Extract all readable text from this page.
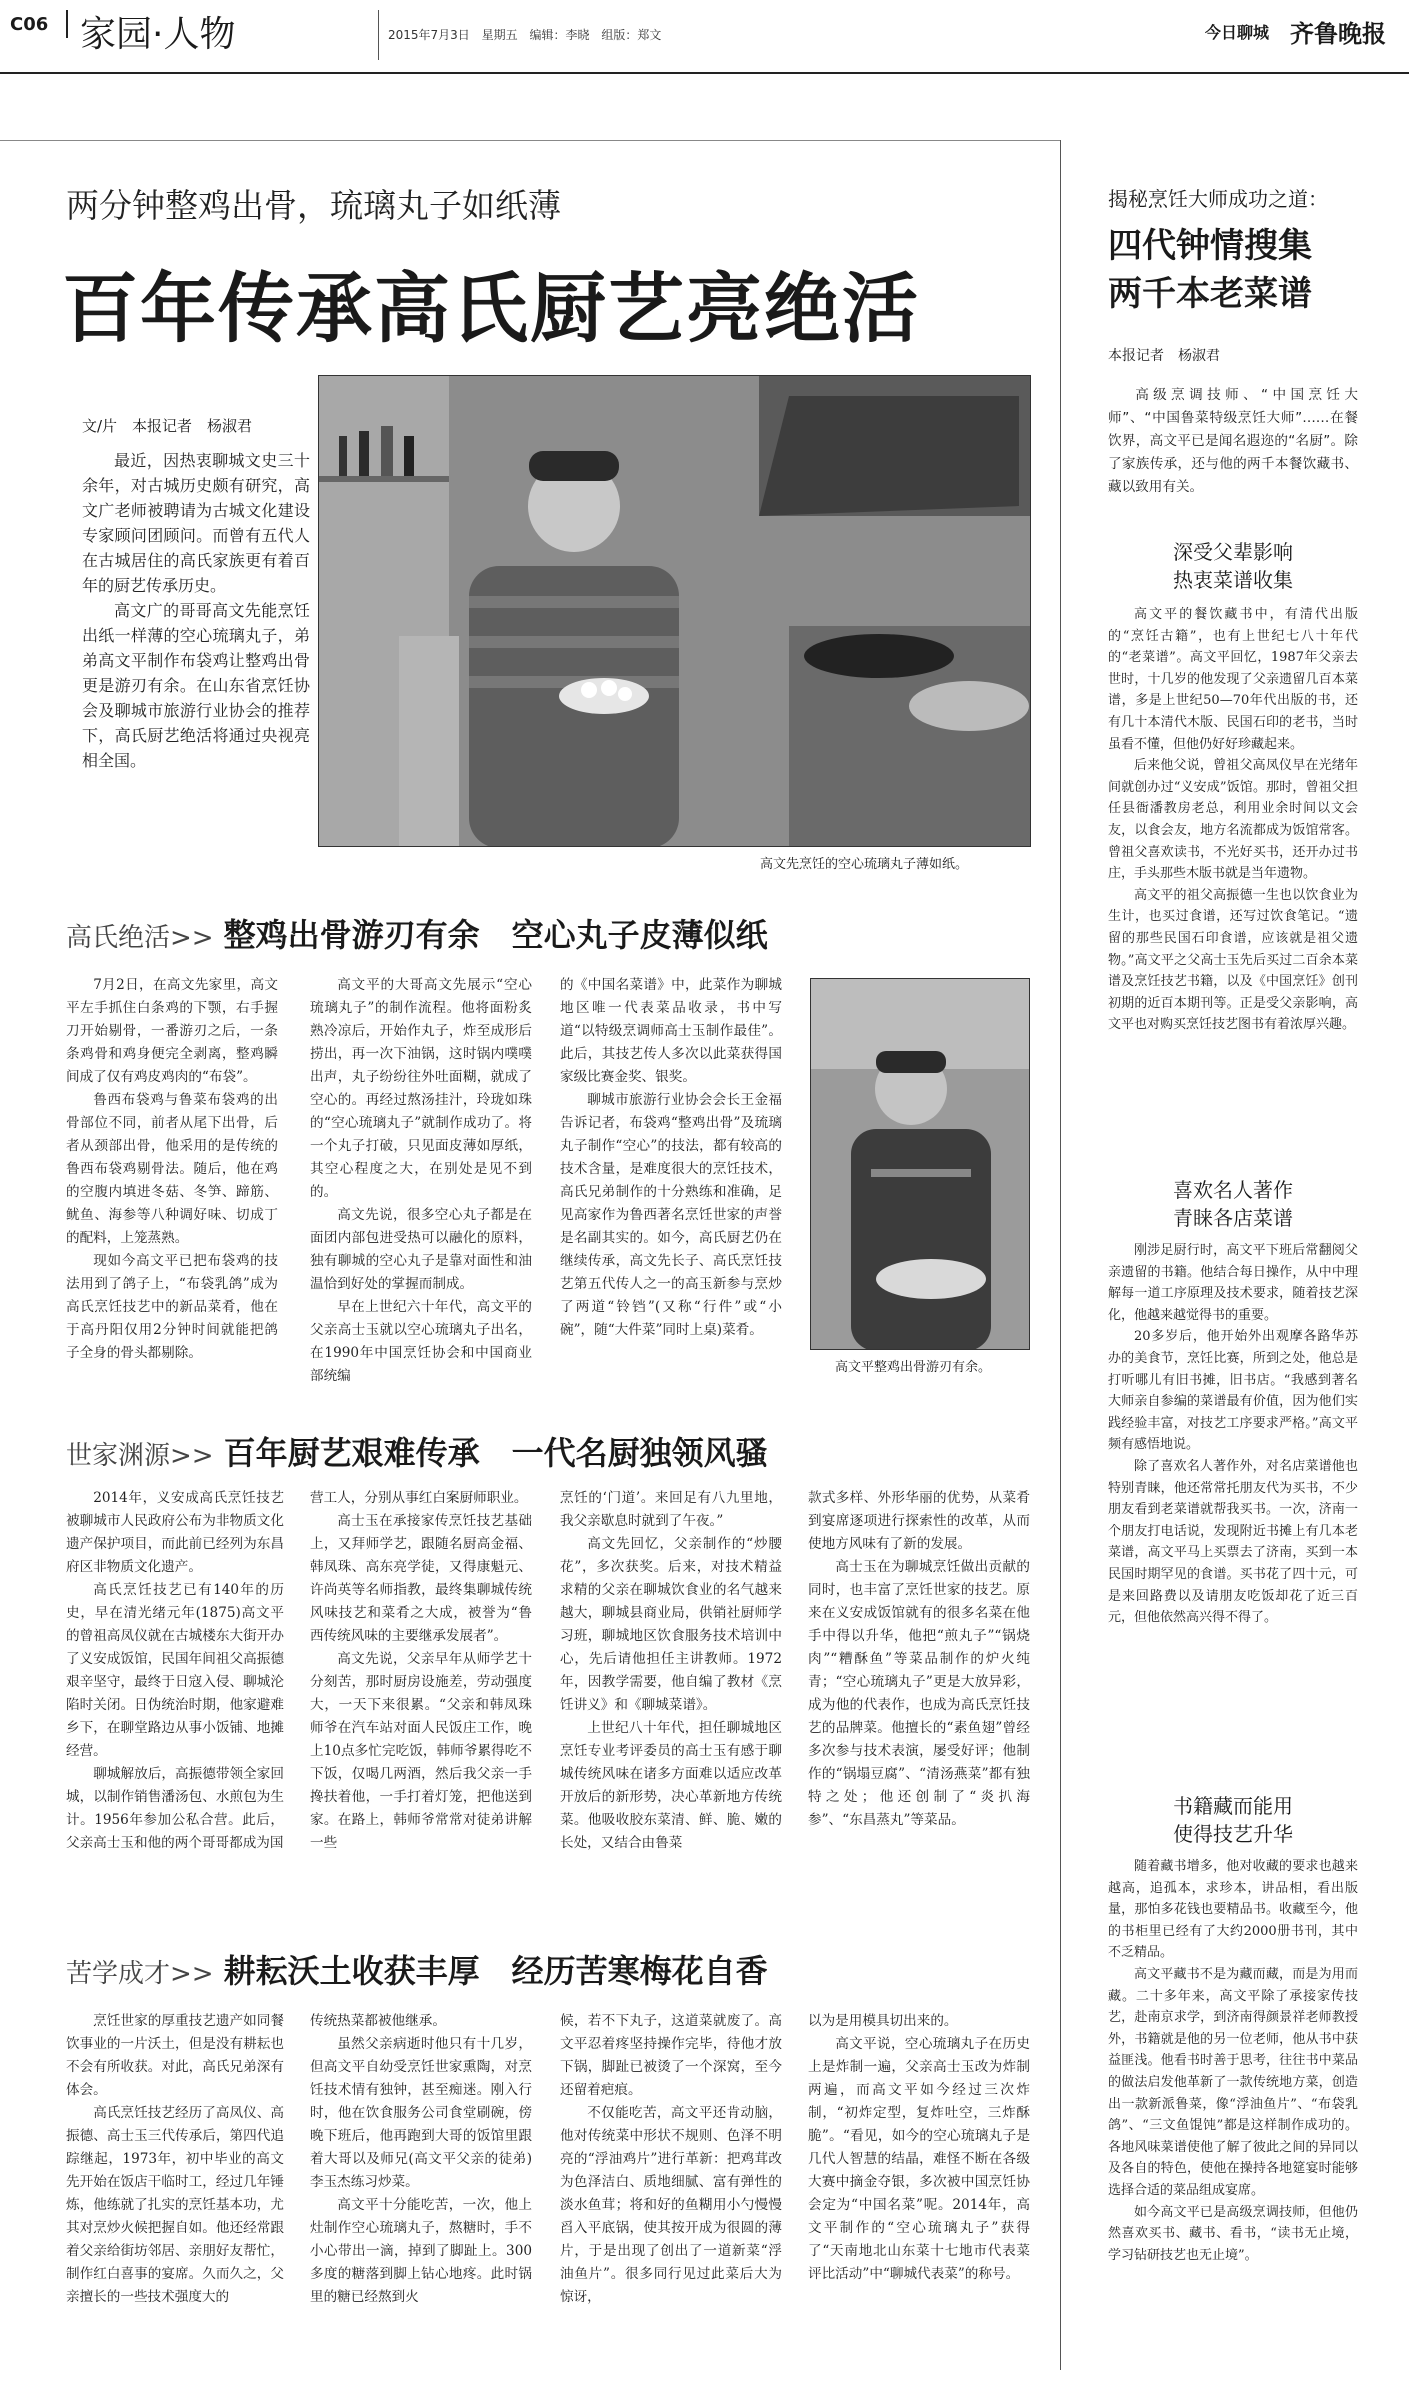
C06 家园·人物	2015年7月3日 星期五 编辑：李晓 组版：郑文	今日聊城 齐鲁晚报
两分钟整鸡出骨，琉璃丸子如纸薄
百年传承高氏厨艺亮绝活
文/片　本报记者　杨淑君

最近，因热衷聊城文史三十余年，对古城历史颇有研究，高文广老师被聘请为古城文化建设专家顾问团顾问。而曾有五代人在古城居住的高氏家族更有着百年的厨艺传承历史。

高文广的哥哥高文先能烹饪出纸一样薄的空心琉璃丸子，弟弟高文平制作布袋鸡让整鸡出骨更是游刃有余。在山东省烹饪协会及聊城市旅游行业协会的推荐下，高氏厨艺绝活将通过央视亮相全国。

高文先烹饪的空心琉璃丸子薄如纸。
高氏绝活>> 整鸡出骨游刃有余　空心丸子皮薄似纸

7月2日，在高文先家里，高文平左手抓住白条鸡的下颚，右手握刀开始剔骨，一番游刃之后，一条条鸡骨和鸡身便完全剥离，整鸡瞬间成了仅有鸡皮鸡肉的“布袋”。

鲁西布袋鸡与鲁菜布袋鸡的出骨部位不同，前者从尾下出骨，后者从颈部出骨，他采用的是传统的鲁西布袋鸡剔骨法。随后，他在鸡的空腹内填进冬菇、冬笋、蹄筋、鱿鱼、海参等八种调好味、切成丁的配料，上笼蒸熟。

现如今高文平已把布袋鸡的技法用到了鸽子上，“布袋乳鸽”成为高氏烹饪技艺中的新品菜肴，他在于高丹阳仅用2分钟时间就能把鸽子全身的骨头都剔除。

高文平的大哥高文先展示“空心琉璃丸子”的制作流程。他将面粉炙熟冷凉后，开始作丸子，炸至成形后捞出，再一次下油锅，这时锅内噗噗出声，丸子纷纷往外吐面糊，就成了空心的。再经过熬汤挂汁，玲珑如珠的“空心琉璃丸子”就制作成功了。将一个丸子打破，只见面皮薄如厚纸，其空心程度之大，在别处是见不到的。

高文先说，很多空心丸子都是在面团内部包进受热可以融化的原料，独有聊城的空心丸子是靠对面性和油温恰到好处的掌握而制成。

早在上世纪六十年代，高文平的父亲高士玉就以空心琉璃丸子出名，在1990年中国烹饪协会和中国商业部统编

的《中国名菜谱》中，此菜作为聊城地区唯一代表菜品收录，书中写道“以特级烹调师高士玉制作最佳”。此后，其技艺传人多次以此菜获得国家级比赛金奖、银奖。

聊城市旅游行业协会会长王金福告诉记者，布袋鸡“整鸡出骨”及琉璃丸子制作“空心”的技法，都有较高的技术含量，是难度很大的烹饪技术，高氏兄弟制作的十分熟练和准确，足见高家作为鲁西著名烹饪世家的声誉是名副其实的。如今，高氏厨艺仍在继续传承，高文先长子、高氏烹饪技艺第五代传人之一的高玉新参与烹炒了两道“铃铛”(又称“行件”或“小碗”，随“大件菜”同时上桌)菜肴。

高文平整鸡出骨游刃有余。
世家渊源>> 百年厨艺艰难传承　一代名厨独领风骚

2014年，义安成高氏烹饪技艺被聊城市人民政府公布为非物质文化遗产保护项目，而此前已经列为东昌府区非物质文化遗产。

高氏烹饪技艺已有140年的历史，早在清光绪元年(1875)高文平的曾祖高凤仪就在古城楼东大街开办了义安成饭馆，民国年间祖父高振德艰辛坚守，最终于日寇入侵、聊城沦陷时关闭。日伪统治时期，他家避难乡下，在聊堂路边从事小饭铺、地摊经营。

聊城解放后，高振德带领全家回城，以制作销售潘汤包、水煎包为生计。1956年参加公私合营。此后，父亲高士玉和他的两个哥哥都成为国

营工人，分别从事红白案厨师职业。

高士玉在承接家传烹饪技艺基础上，又拜师学艺，跟随名厨高金福、韩凤珠、高东亮学徒，又得康魁元、许尚英等名师指教，最终集聊城传统风味技艺和菜肴之大成，被誉为“鲁西传统风味的主要继承发展者”。

高文先说，父亲早年从师学艺十分刻苦，那时厨房设施差，劳动强度大，一天下来很累。“父亲和韩凤珠师爷在汽车站对面人民饭庄工作，晚上10点多忙完吃饭，韩师爷累得吃不下饭，仅喝几两酒，然后我父亲一手搀扶着他，一手打着灯笼，把他送到家。在路上，韩师爷常常对徒弟讲解一些

烹饪的‘门道’。来回足有八九里地，我父亲歇息时就到了午夜。”

高文先回忆，父亲制作的“炒腰花”，多次获奖。后来，对技术精益求精的父亲在聊城饮食业的名气越来越大，聊城县商业局，供销社厨师学习班，聊城地区饮食服务技术培训中心，先后请他担任主讲教师。1972年，因教学需要，他自编了教材《烹饪讲义》和《聊城菜谱》。

上世纪八十年代，担任聊城地区烹饪专业考评委员的高士玉有感于聊城传统风味在诸多方面难以适应改革开放后的新形势，决心革新地方传统菜。他吸收胶东菜清、鲜、脆、嫩的长处，又结合由鲁菜

款式多样、外形华丽的优势，从菜肴到宴席逐项进行探索性的改革，从而使地方风味有了新的发展。

高士玉在为聊城烹饪做出贡献的同时，也丰富了烹饪世家的技艺。原来在义安成饭馆就有的很多名菜在他手中得以升华，他把“煎丸子”“锅烧肉”“糟酥鱼”等菜品制作的炉火纯青；“空心琉璃丸子”更是大放异彩，成为他的代表作，也成为高氏烹饪技艺的品牌菜。他擅长的“素鱼翅”曾经多次参与技术表演，屡受好评；他制作的“锅塌豆腐”、“清汤燕菜”都有独特之处；他还创制了“炎扒海参”、“东昌蒸丸”等菜品。

苦学成才>> 耕耘沃土收获丰厚　经历苦寒梅花自香

烹饪世家的厚重技艺遗产如同餐饮事业的一片沃土，但是没有耕耘也不会有所收获。对此，高氏兄弟深有体会。

高氏烹饪技艺经历了高凤仪、高振德、高士玉三代传承后，第四代追踪继起，1973年，初中毕业的高文先开始在饭店干临时工，经过几年锤炼，他练就了扎实的烹饪基本功，尤其对烹炒火候把握自如。他还经常跟着父亲给街坊邻居、亲朋好友帮忙，制作红白喜事的宴席。久而久之，父亲擅长的一些技术强度大的

传统热菜都被他继承。

虽然父亲病逝时他只有十几岁，但高文平自幼受烹饪世家熏陶，对烹饪技术情有独钟，甚至痴迷。刚入行时，他在饮食服务公司食堂刷碗，傍晚下班后，他再跑到大哥的饭馆里跟着大哥以及师兄(高文平父亲的徒弟)李玉杰练习炒菜。

高文平十分能吃苦，一次，他上灶制作空心琉璃丸子，熬糖时，手不小心带出一滴，掉到了脚趾上。300多度的糖落到脚上钻心地疼。此时锅里的糖已经熬到火

候，若不下丸子，这道菜就废了。高文平忍着疼坚持操作完毕，待他才放下锅，脚趾已被烫了一个深窝，至今还留着疤痕。

不仅能吃苦，高文平还肯动脑，他对传统菜中形状不规则、色泽不明亮的“浮油鸡片”进行革新：把鸡茸改为色泽洁白、质地细腻、富有弹性的淡水鱼茸；将和好的鱼糊用小勺慢慢舀入平底锅，使其按开成为很圆的薄片，于是出现了创出了一道新菜“浮油鱼片”。很多同行见过此菜后大为惊讶，

以为是用模具切出来的。

高文平说，空心琉璃丸子在历史上是炸制一遍，父亲高士玉改为炸制两遍，而高文平如今经过三次炸制，“初炸定型，复炸吐空，三炸酥脆”。“看见，如今的空心琉璃丸子是几代人智慧的结晶，难怪不断在各级大赛中摘金夺银，多次被中国烹饪协会定为“中国名菜”呢。2014年，高文平制作的“空心琉璃丸子”获得了“天南地北山东菜十七地市代表菜评比活动”中“聊城代表菜”的称号。

揭秘烹饪大师成功之道：
四代钟情搜集
两千本老菜谱
本报记者　杨淑君

高级烹调技师、“中国烹饪大师”、“中国鲁菜特级烹饪大师”……在餐饮界，高文平已是闻名遐迩的“名厨”。除了家族传承，还与他的两千本餐饮藏书、藏以致用有关。

深受父辈影响
热衷菜谱收集

高文平的餐饮藏书中，有清代出版的“烹饪古籍”，也有上世纪七八十年代的“老菜谱”。高文平回忆，1987年父亲去世时，十几岁的他发现了父亲遗留几百本菜谱，多是上世纪50—70年代出版的书，还有几十本清代木版、民国石印的老书，当时虽看不懂，但他仍好好珍藏起来。

后来他父说，曾祖父高凤仪早在光绪年间就创办过“义安成”饭馆。那时，曾祖父担任县衙潘教房老总，利用业余时间以文会友，以食会友，地方名流都成为饭馆常客。曾祖父喜欢读书，不光好买书，还开办过书庄，手头那些木版书就是当年遗物。

高文平的祖父高振德一生也以饮食业为生计，也买过食谱，还写过饮食笔记。“遗留的那些民国石印食谱，应该就是祖父遗物。”高文平之父高士玉先后买过二百余本菜谱及烹饪技艺书籍，以及《中国烹饪》创刊初期的近百本期刊等。正是受父亲影响，高文平也对购买烹饪技艺图书有着浓厚兴趣。

喜欢名人著作
青睐各店菜谱

刚涉足厨行时，高文平下班后常翻阅父亲遗留的书籍。他结合每日操作，从中中理解每一道工序原理及技术要求，随着技艺深化，他越来越觉得书的重要。

20多岁后，他开始外出观摩各路华苏办的美食节，烹饪比赛，所到之处，他总是打听哪儿有旧书摊，旧书店。“我感到著名大师亲自参编的菜谱最有价值，因为他们实践经验丰富，对技艺工序要求严格。”高文平频有感悟地说。

除了喜欢名人著作外，对名店菜谱他也特别青睐，他还常常托朋友代为买书，不少朋友看到老菜谱就帮我买书。一次，济南一个朋友打电话说，发现附近书摊上有几本老菜谱，高文平马上买票去了济南，买到一本民国时期罕见的食谱。买书花了四十元，可是来回路费以及请朋友吃饭却花了近三百元，但他依然高兴得不得了。

书籍藏而能用
使得技艺升华

随着藏书增多，他对收藏的要求也越来越高，追孤本，求珍本，讲品相，看出版量，那怕多花钱也要精品书。收藏至今，他的书柜里已经有了大约2000册书刊，其中不乏精品。

高文平藏书不是为藏而藏，而是为用而藏。二十多年来，高文平除了承接家传技艺，赴南京求学，到济南得颜景祥老师教授外，书籍就是他的另一位老师，他从书中获益匪浅。他看书时善于思考，往往书中菜品的做法启发他革新了一款传统地方菜，创造出一款新派鲁菜，像“浮油鱼片”、“布袋乳鸽”、“三文鱼馄饨”都是这样制作成功的。各地风味菜谱使他了解了彼此之间的异同以及各自的特色，使他在操持各地筵宴时能够选择合适的菜品组成宴席。

如今高文平已是高级烹调技师，但他仍然喜欢买书、藏书、看书，“读书无止境，学习钻研技艺也无止境”。
